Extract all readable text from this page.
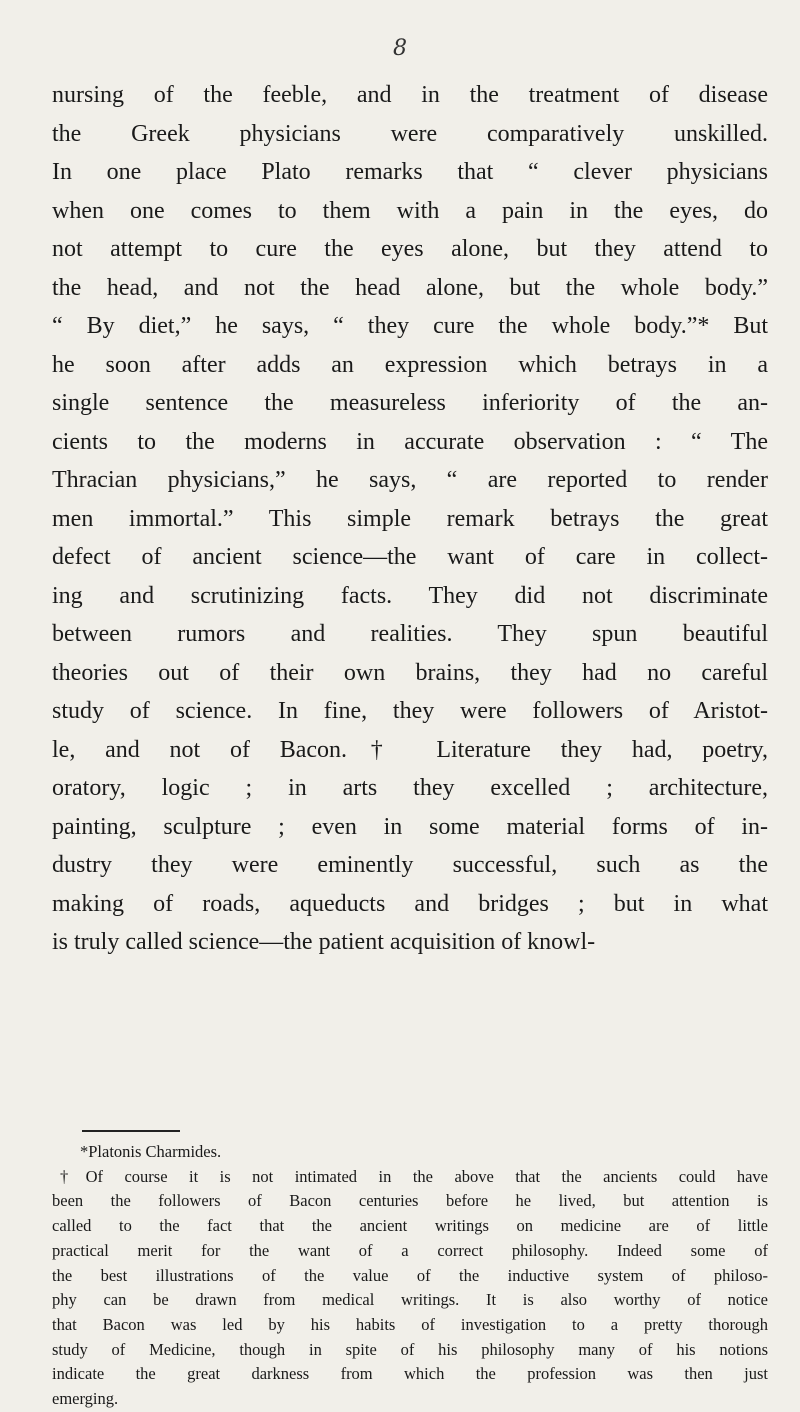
8
nursing of the feeble, and in the treatment of disease
the Greek physicians were comparatively unskilled.
In one place Plato remarks that “ clever physicians
when one comes to them with a pain in the eyes, do
not attempt to cure the eyes alone, but they attend to
the head, and not the head alone, but the whole body.”
“ By diet,” he says, “ they cure the whole body.”* But
he soon after adds an expression which betrays in a
single sentence the measureless inferiority of the an-
cients to the moderns in accurate observation : “ The
Thracian physicians,” he says, “ are reported to render
men immortal.” This simple remark betrays the great
defect of ancient science—the want of care in collect-
ing and scrutinizing facts. They did not discriminate
between rumors and realities. They spun beautiful
theories out of their own brains, they had no careful
study of science. In fine, they were followers of Aristot-
le, and not of Bacon.† Literature they had, poetry,
oratory, logic ; in arts they excelled ; architecture,
painting, sculpture ; even in some material forms of in-
dustry they were eminently successful, such as the
making of roads, aqueducts and bridges ; but in what
is truly called science—the patient acquisition of knowl-
*Platonis Charmides.
†Of course it is not intimated in the above that the ancients could have
been the followers of Bacon centuries before he lived, but attention is
called to the fact that the ancient writings on medicine are of little
practical merit for the want of a correct philosophy. Indeed some of
the best illustrations of the value of the inductive system of philoso-
phy can be drawn from medical writings. It is also worthy of notice
that Bacon was led by his habits of investigation to a pretty thorough
study of Medicine, though in spite of his philosophy many of his notions
indicate the great darkness from which the profession was then just
emerging.
